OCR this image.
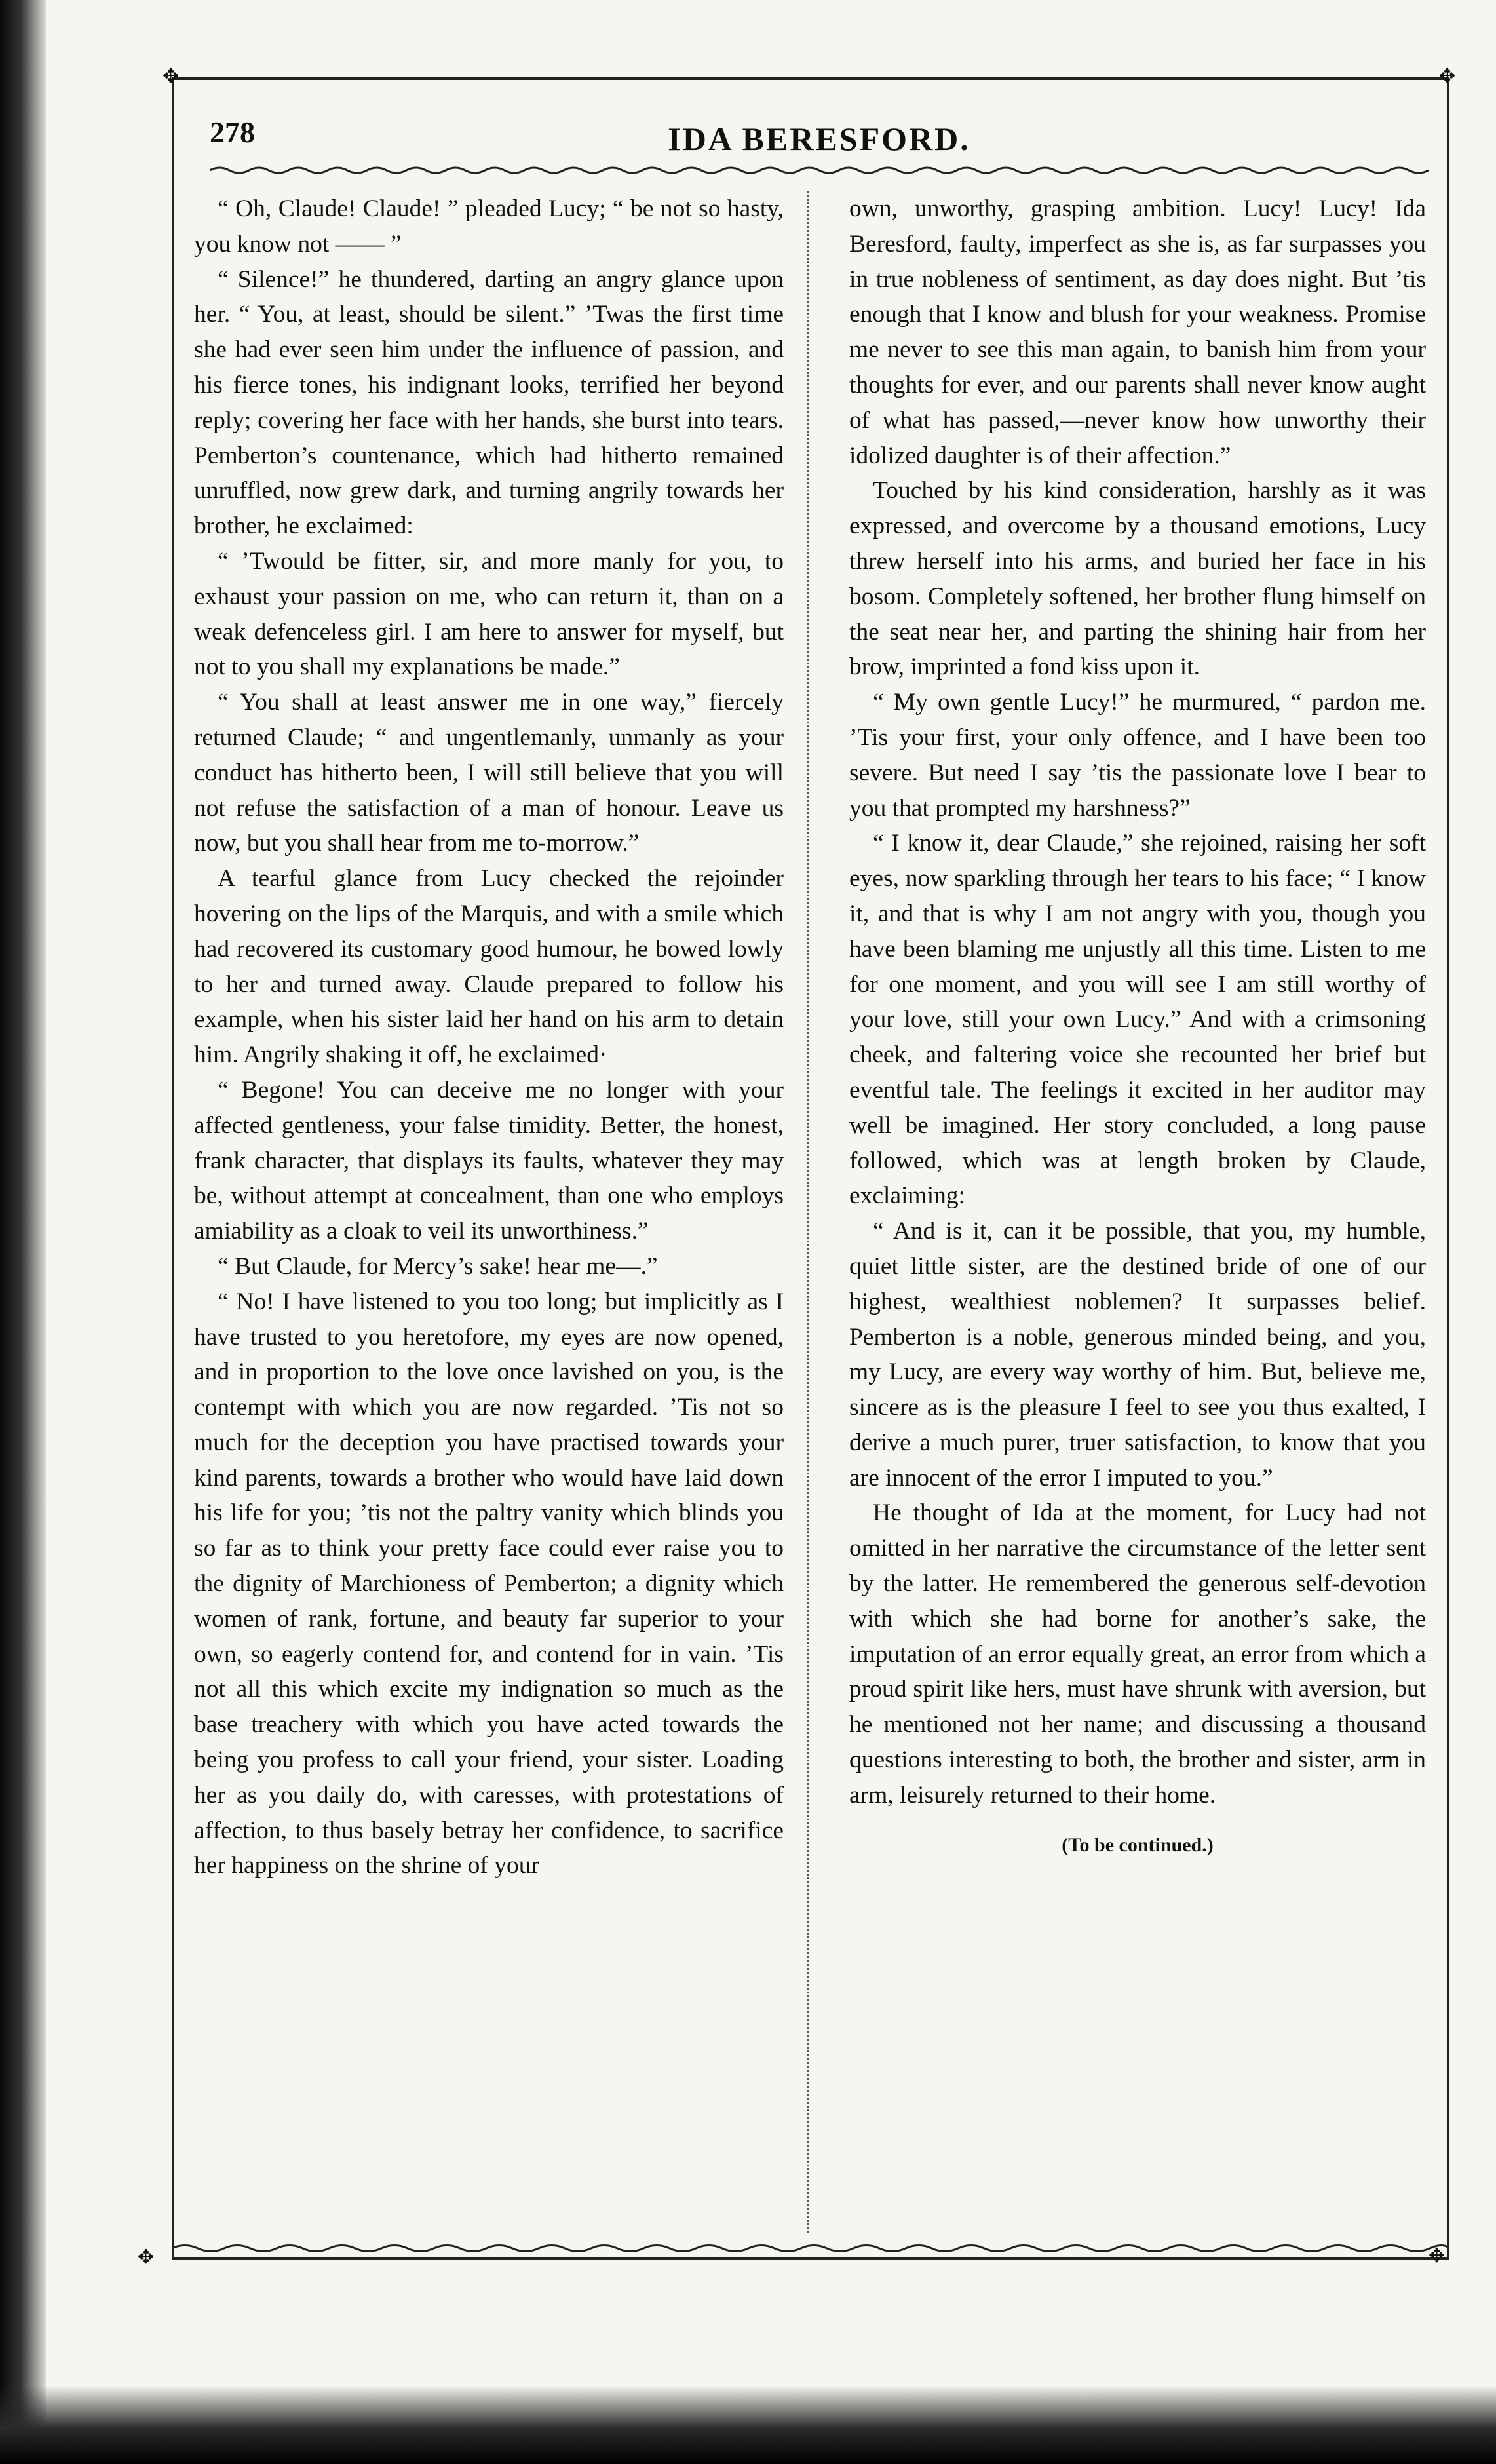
✥	✥
✥	✥
278	IDA BERESFORD.

“ Oh, Claude! Claude! ” pleaded Lucy; “ be not so hasty, you know not —— ”

“ Silence!” he thundered, darting an angry glance upon her. “ You, at least, should be silent.” ’Twas the first time she had ever seen him under the influence of passion, and his fierce tones, his indignant looks, terrified her beyond reply; covering her face with her hands, she burst into tears. Pemberton’s countenance, which had hitherto remained unruffled, now grew dark, and turning angrily towards her brother, he exclaimed:

“ ’Twould be fitter, sir, and more manly for you, to exhaust your passion on me, who can return it, than on a weak defenceless girl. I am here to answer for myself, but not to you shall my explanations be made.”

“ You shall at least answer me in one way,” fiercely returned Claude; “ and ungentlemanly, unmanly as your conduct has hitherto been, I will still believe that you will not refuse the satisfaction of a man of honour. Leave us now, but you shall hear from me to-morrow.”

A tearful glance from Lucy checked the rejoinder hovering on the lips of the Marquis, and with a smile which had recovered its customary good humour, he bowed lowly to her and turned away. Claude prepared to follow his example, when his sister laid her hand on his arm to detain him. Angrily shaking it off, he exclaimed·

“ Begone! You can deceive me no longer with your affected gentleness, your false timidity. Better, the honest, frank character, that displays its faults, whatever they may be, without attempt at concealment, than one who employs amiability as a cloak to veil its unworthiness.”

“ But Claude, for Mercy’s sake! hear me—.”

“ No! I have listened to you too long; but implicitly as I have trusted to you heretofore, my eyes are now opened, and in proportion to the love once lavished on you, is the contempt with which you are now regarded. ’Tis not so much for the deception you have practised towards your kind parents, towards a brother who would have laid down his life for you; ’tis not the paltry vanity which blinds you so far as to think your pretty face could ever raise you to the dignity of Marchioness of Pemberton; a dignity which women of rank, fortune, and beauty far superior to your own, so eagerly contend for, and contend for in vain. ’Tis not all this which excite my indignation so much as the base treachery with which you have acted towards the being you profess to call your friend, your sister. Loading her as you daily do, with caresses, with protestations of affection, to thus basely betray her confidence, to sacrifice her happiness on the shrine of your

own, unworthy, grasping ambition. Lucy! Lucy! Ida Beresford, faulty, imperfect as she is, as far surpasses you in true nobleness of sentiment, as day does night. But ’tis enough that I know and blush for your weakness. Promise me never to see this man again, to banish him from your thoughts for ever, and our parents shall never know aught of what has passed,—never know how unworthy their idolized daughter is of their affection.”

Touched by his kind consideration, harshly as it was expressed, and overcome by a thousand emotions, Lucy threw herself into his arms, and buried her face in his bosom. Completely softened, her brother flung himself on the seat near her, and parting the shining hair from her brow, imprinted a fond kiss upon it.

“ My own gentle Lucy!” he murmured, “ pardon me. ’Tis your first, your only offence, and I have been too severe. But need I say ’tis the passionate love I bear to you that prompted my harshness?”

“ I know it, dear Claude,” she rejoined, raising her soft eyes, now sparkling through her tears to his face; “ I know it, and that is why I am not angry with you, though you have been blaming me unjustly all this time. Listen to me for one moment, and you will see I am still worthy of your love, still your own Lucy.” And with a crimsoning cheek, and faltering voice she recounted her brief but eventful tale. The feelings it excited in her auditor may well be imagined. Her story concluded, a long pause followed, which was at length broken by Claude, exclaiming:

“ And is it, can it be possible, that you, my humble, quiet little sister, are the destined bride of one of our highest, wealthiest noblemen? It surpasses belief. Pemberton is a noble, generous minded being, and you, my Lucy, are every way worthy of him. But, believe me, sincere as is the pleasure I feel to see you thus exalted, I derive a much purer, truer satisfaction, to know that you are innocent of the error I imputed to you.”

He thought of Ida at the moment, for Lucy had not omitted in her narrative the circumstance of the letter sent by the latter. He remembered the generous self-devotion with which she had borne for another’s sake, the imputation of an error equally great, an error from which a proud spirit like hers, must have shrunk with aversion, but he mentioned not her name; and discussing a thousand questions interesting to both, the brother and sister, arm in arm, leisurely returned to their home.

(To be continued.)
